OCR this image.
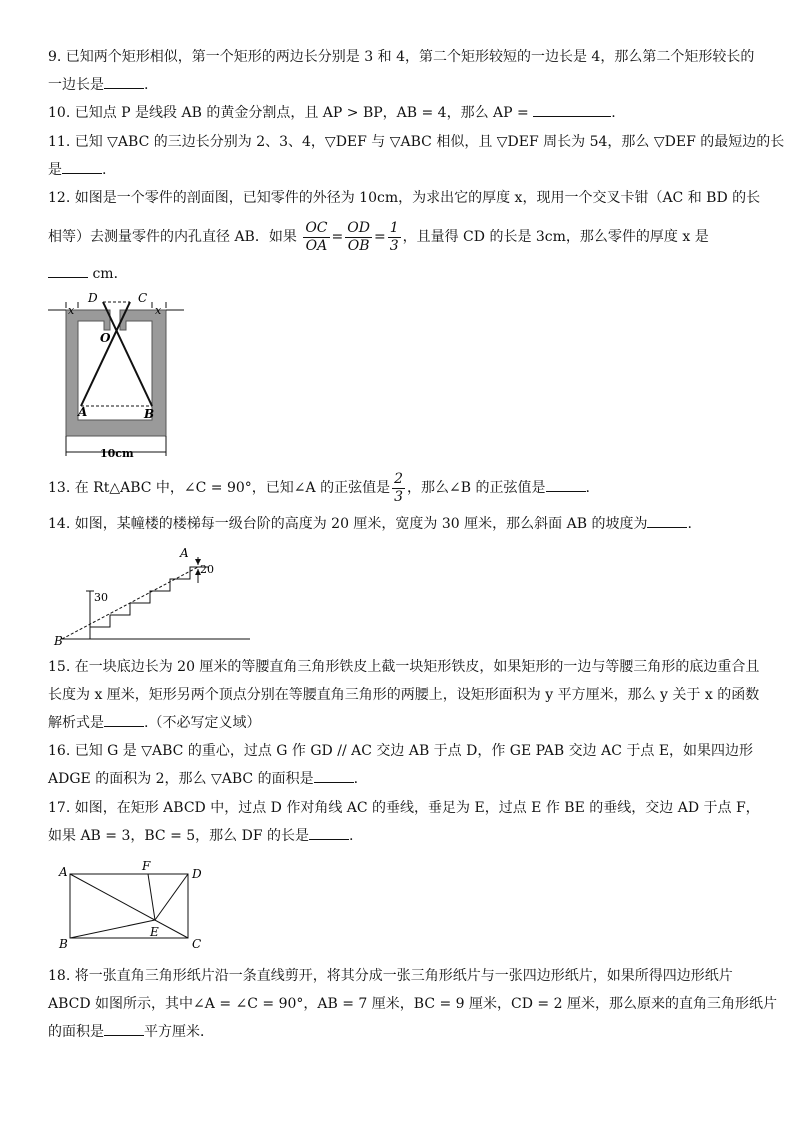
9. 已知两个矩形相似，第一个矩形的两边长分别是 3 和 4，第二个矩形较短的一边长是 4，那么第二个矩形较长的
一边长是	.
10. 已知点 P 是线段 AB 的黄金分割点，且 AP > BP，AB = 4，那么 AP =	.
11. 已知 ▽ABC 的三边长分别为 2、3、4，▽DEF 与 ▽ABC 相似，且 ▽DEF 周长为 54，那么 ▽DEF 的最短边的长
是	.
12. 如图是一个零件的剖面图，已知零件的外径为 10cm，为求出它的厚度 x，现用一个交叉卡钳（AC 和 BD 的长
相等）去测量零件的内孔直径 AB．如果 $\frac{OC}{OA} = \frac{OD}{OB} = \frac{1}{3}$ ，且量得 CD 的长是 3cm，那么零件的厚度 x 是
cm．
D	C
O
A	B
x	x
10cm
13. 在 Rt△ABC 中，∠C = 90°，已知∠A 的正弦值是 $\frac{2}{3}$ ，那么∠B 的正弦值是	.
14. 如图，某幢楼的楼梯每一级台阶的高度为 20 厘米，宽度为 30 厘米，那么斜面 AB 的坡度为	.
B
A
20
30
15. 在一块底边长为 20 厘米的等腰直角三角形铁皮上截一块矩形铁皮，如果矩形的一边与等腰三角形的底边重合且
长度为 x 厘米，矩形另两个顶点分别在等腰直角三角形的两腰上，设矩形面积为 y 平方厘米，那么 y 关于 x 的函数
解析式是	.（不必写定义域）
16. 已知 G 是 ▽ABC 的重心，过点 G 作 GD // AC 交边 AB 于点 D，作 GE PAB 交边 AC 于点 E，如果四边形
ADGE 的面积为 2，那么 ▽ABC 的面积是	.
17. 如图，在矩形 ABCD 中，过点 D 作对角线 AC 的垂线，垂足为 E，过点 E 作 BE 的垂线，交边 AD 于点 F，
如果 AB = 3，BC = 5，那么 DF 的长是	.
A
B	C
D
E
F
18. 将一张直角三角形纸片沿一条直线剪开，将其分成一张三角形纸片与一张四边形纸片，如果所得四边形纸片
ABCD 如图所示，其中∠A = ∠C = 90°，AB = 7 厘米，BC = 9 厘米，CD = 2 厘米，那么原来的直角三角形纸片
的面积是	平方厘米．
